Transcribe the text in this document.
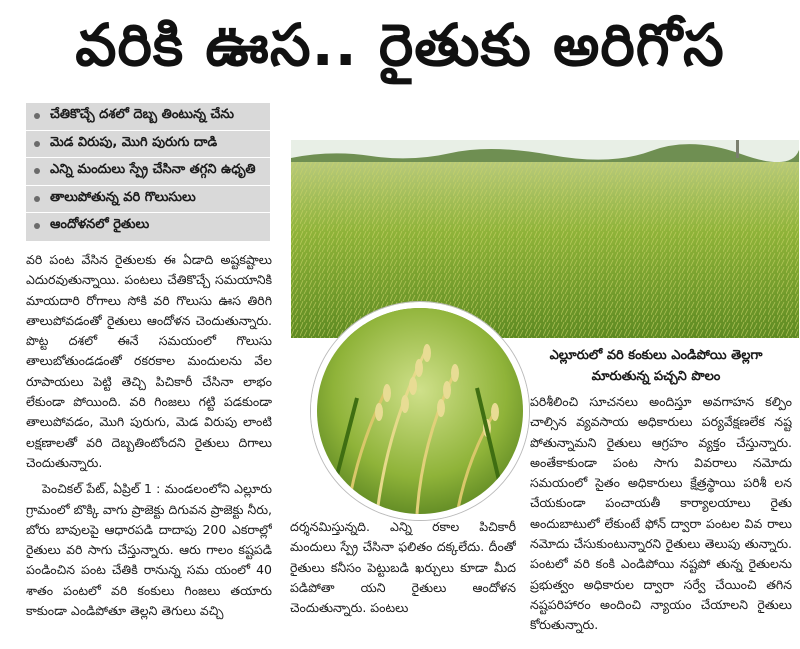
వరికి ఊస.. రైతుకు అరిగోస
చేతికొచ్చే దశలో దెబ్బ తింటున్న చేను
మెడ విరుపు, మొగి పురుగు దాడి
ఎన్ని మందులు స్ప్రే చేసినా తగ్గని ఉధృతి
తాలుపోతున్న వరి గొలుసులు
ఆందోళనలో రైతులు

వరి పంట వేసిన రైతులకు ఈ ఏడాది అష్టకష్టాలు ఎదురవుతున్నాయి. పంటలు చేతికొచ్చే సమయానికి మాయదారి రోగాలు సోకి వరి గొలుసు ఊస తిరిగి తాలుపోవడంతో రైతులు ఆందోళన చెందుతున్నారు. పొట్ట దశలో ఈనే సమయంలో గొలుసు తాలుబోతుండడంతో రకరకాల మందులను వేల రూపాయలు పెట్టి తెచ్చి పిచికారీ చేసినా లాభం లేకుండా పోయింది. వరి గింజలు గట్టి పడకుండా తాలుపోవడం, మొగి పురుగు, మెడ విరుపు లాంటి లక్షణాలతో వరి దెబ్బతింటోందని రైతులు దిగాలు చెందుతున్నారు.

పెంచికల్ పేట్, ఏప్రిల్ 1 : మండలంలోని ఎల్లూరు గ్రామంలో బొక్కి వాగు ప్రాజెక్టు దిగువన ప్రాజెక్టు నీరు, బోరు బావులపై ఆధారపడి దాదాపు 200 ఎకరాల్లో రైతులు వరి సాగు చేస్తున్నారు. ఆరు గాలం కష్టపడి పండించిన పంట చేతికి రానున్న సమ యంలో 40 శాతం పంటలో వరి కంకులు గింజలు తయారు కాకుండా ఎండిపోతూ తెల్లని తెగులు వచ్చి

ఎల్లూరులో వరి కంకులు ఎండిపోయి తెల్లగా మారుతున్న పచ్చని పొలం

దర్శనమిస్తున్నది. ఎన్ని రకాల పిచికారీ మందులు స్ప్రే చేసినా ఫలితం దక్కలేదు. దీంతో రైతులు కనీసం పెట్టుబడి ఖర్చులు కూడా మీద పడిపోతా యని రైతులు ఆందోళన చెందుతున్నారు. పంటలు

పరిశీలించి సూచనలు అందిస్తూ అవగాహన కల్పిం చాల్సిన వ్యవసాయ అధికారులు పర్యవేక్షణలేక నష్ట పోతున్నామని రైతులు ఆగ్రహం వ్యక్తం చేస్తున్నారు. అంతేకాకుండా పంట సాగు వివరాలు నమోదు సమయంలో సైతం అధికారులు క్షేత్రస్థాయి పరిశీ లన చేయకుండా పంచాయతీ కార్యాలయాలు రైతు అందుబాటులో లేకుంటే ఫోన్ ద్వారా పంటల వివ రాలు నమోదు చేసుకుంటున్నారని రైతులు తెలుపు తున్నారు. పంటలో వరి కంకి ఎండిపోయి నష్టపో తున్న రైతులను ప్రభుత్వం అధికారుల ద్వారా సర్వే చేయించి తగిన నష్టపరిహారం అందించి న్యాయం చేయాలని రైతులు కోరుతున్నారు.
